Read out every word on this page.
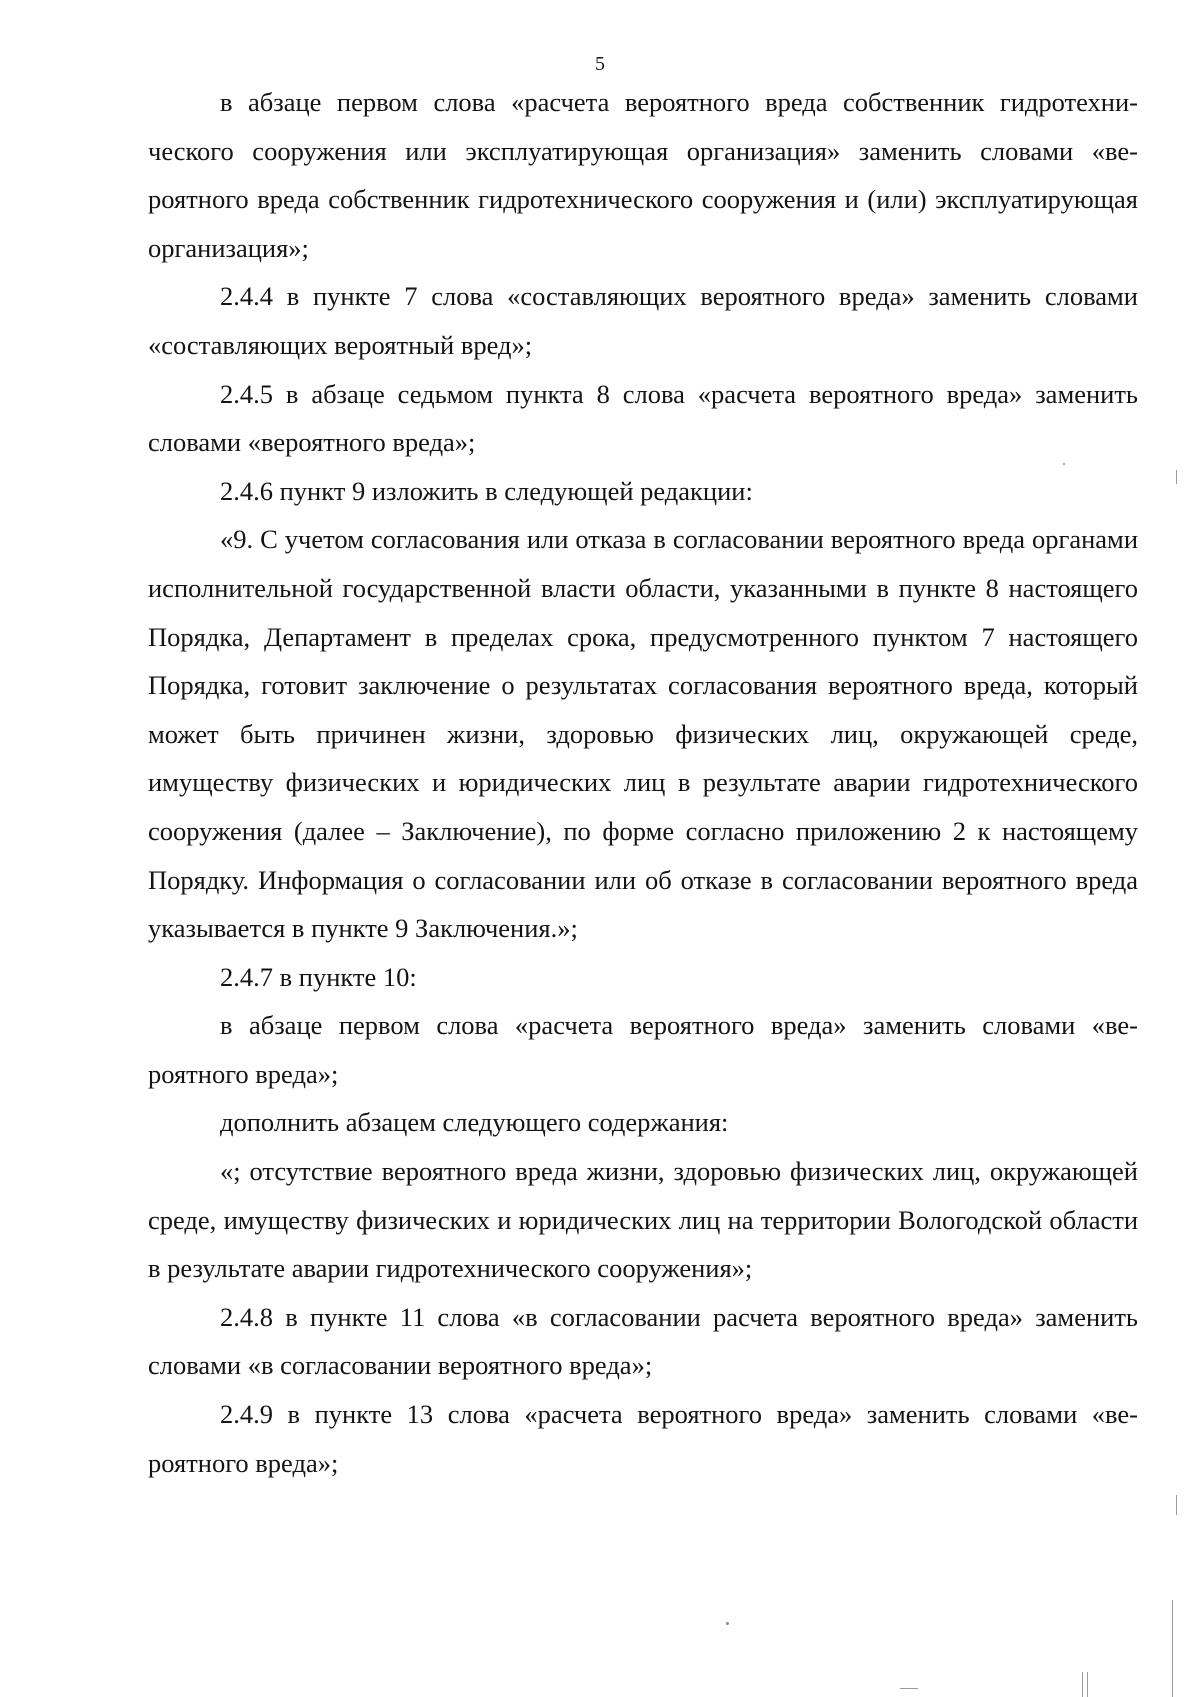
5

в абзаце первом слова «расчета вероятного вреда собственник гидротехнического сооружения или эксплуатирующая организация» заменить словами «вероятного вреда собственник гидротехнического сооружения и (или) эксплуатирующая организация»;

2.4.4 в пункте 7 слова «составляющих вероятного вреда» заменить словами «составляющих вероятный вред»;

2.4.5 в абзаце седьмом пункта 8 слова «расчета вероятного вреда» заменить словами «вероятного вреда»;

2.4.6 пункт 9 изложить в следующей редакции:

«9. С учетом согласования или отказа в согласовании вероятного вреда органами исполнительной государственной власти области, указанными в пункте 8 настоящего Порядка, Департамент в пределах срока, предусмотренного пунктом 7 настоящего Порядка, готовит заключение о результатах согласования вероятного вреда, который может быть причинен жизни, здоровью физических лиц, окружающей среде, имуществу физических и юридических лиц в результате аварии гидротехнического сооружения (далее – Заключение), по форме согласно приложению 2 к настоящему Порядку. Информация о согласовании или об отказе в согласовании вероятного вреда указывается в пункте 9 Заключения.»;

2.4.7 в пункте 10:

в абзаце первом слова «расчета вероятного вреда» заменить словами «вероятного вреда»;

дополнить абзацем следующего содержания:

«; отсутствие вероятного вреда жизни, здоровью физических лиц, окружающей среде, имуществу физических и юридических лиц на территории Вологодской области в результате аварии гидротехнического сооружения»;

2.4.8 в пункте 11 слова «в согласовании расчета вероятного вреда» заменить словами «в согласовании вероятного вреда»;

2.4.9 в пункте 13 слова «расчета вероятного вреда» заменить словами «вероятного вреда»;
